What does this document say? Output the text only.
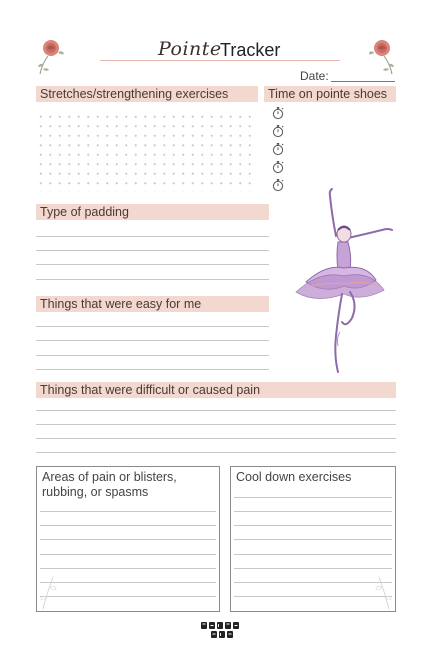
Pointe
Tracker
Date:
Stretches/strengthening exercises	Time on pointe shoes
Type of padding
Things that were easy for me
Things that were difficult or caused pain
Areas of pain or blisters, rubbing, or spasms
Cool down exercises
